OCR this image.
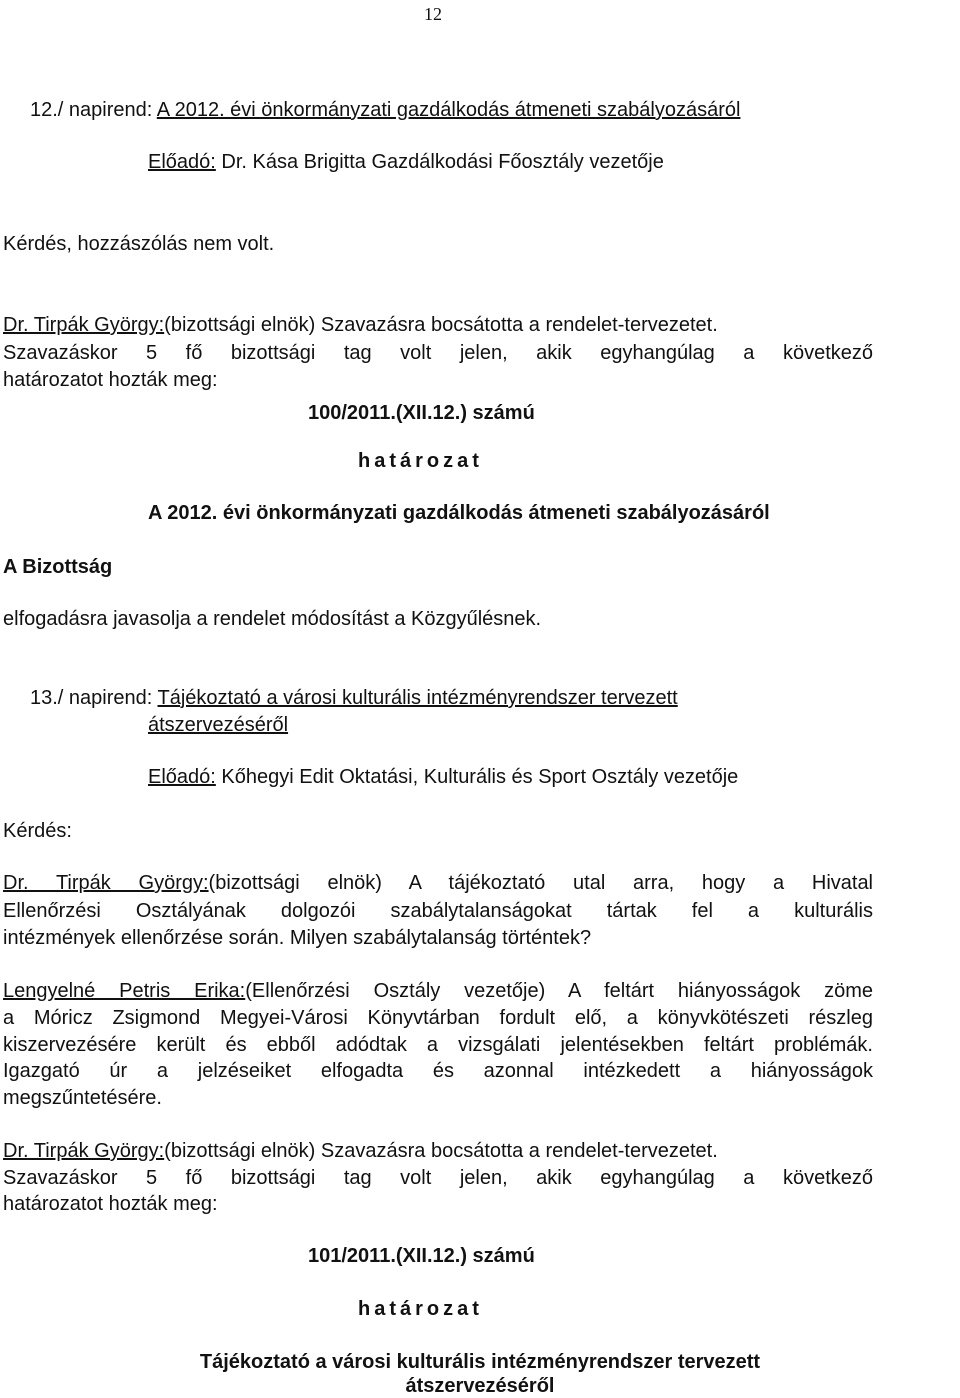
12
12./ napirend: A 2012. évi önkormányzati gazdálkodás átmeneti szabályozásáról
Előadó: Dr. Kása Brigitta Gazdálkodási Főosztály vezetője
Kérdés, hozzászólás nem volt.
Dr. Tirpák György:(bizottsági elnök) Szavazásra bocsátotta a rendelet-tervezetet.
Szavazáskor 5 fő bizottsági tag volt jelen, akik egyhangúlag a következő
határozatot hozták meg:
100/2011.(XII.12.) számú
határozat
A 2012. évi önkormányzati gazdálkodás átmeneti szabályozásáról
A Bizottság
elfogadásra javasolja a rendelet módosítást a Közgyűlésnek.
13./ napirend: Tájékoztató a városi kulturális intézményrendszer tervezett
átszervezéséről
Előadó: Kőhegyi Edit Oktatási, Kulturális és Sport Osztály vezetője
Kérdés:
Dr. Tirpák György:(bizottsági elnök) A tájékoztató utal arra, hogy a Hivatal
Ellenőrzési Osztályának dolgozói szabálytalanságokat tártak fel a kulturális
intézmények ellenőrzése során. Milyen szabálytalanság történtek?
Lengyelné Petris Erika:(Ellenőrzési Osztály vezetője) A feltárt hiányosságok zöme
a Móricz Zsigmond Megyei-Városi Könyvtárban fordult elő, a könyvkötészeti részleg
kiszervezésére került és ebből adódtak a vizsgálati jelentésekben feltárt problémák.
Igazgató úr a jelzéseiket elfogadta és azonnal intézkedett a hiányosságok
megszűntetésére.
Dr. Tirpák György:(bizottsági elnök) Szavazásra bocsátotta a rendelet-tervezetet.
Szavazáskor 5 fő bizottsági tag volt jelen, akik egyhangúlag a következő
határozatot hozták meg:
101/2011.(XII.12.) számú
határozat
Tájékoztató a városi kulturális intézményrendszer tervezett
átszervezéséről
